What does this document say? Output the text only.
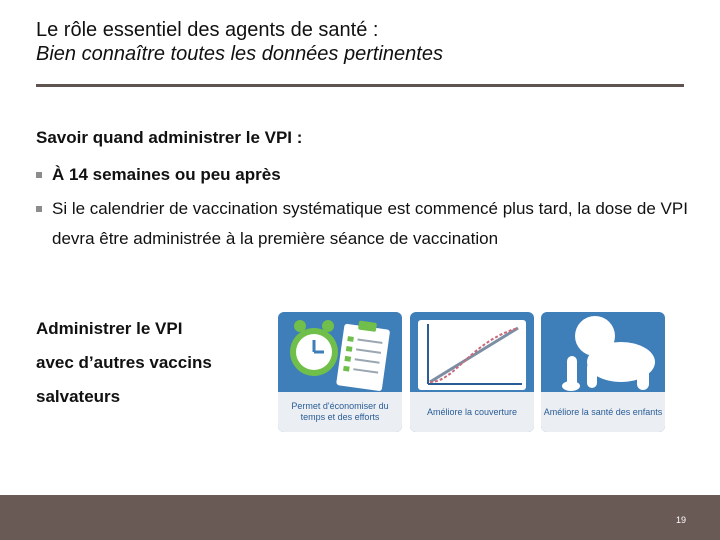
Le rôle essentiel des agents de santé :
Bien connaître toutes les données pertinentes
Savoir quand administrer le VPI :
À 14 semaines ou peu après
Si le calendrier de vaccination systématique est commencé plus tard, la dose de VPI devra être administrée à la première séance de vaccination
Administrer le VPI
avec d’autres vaccins
salvateurs	Permet d'économiser du temps et des efforts
Améliore la couverture	Améliore la santé des enfants
19
